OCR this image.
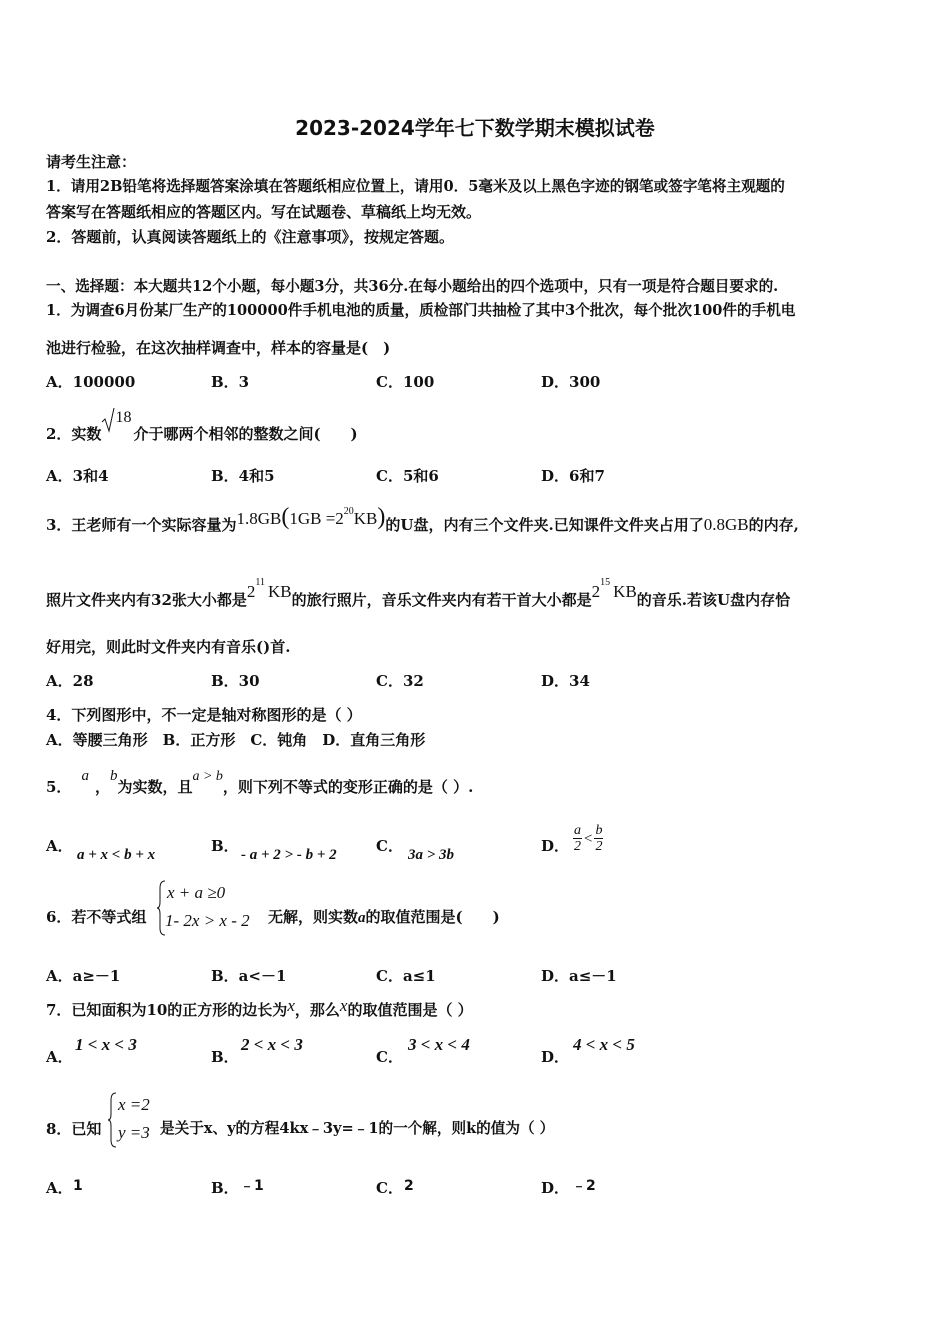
2023-2024学年七下数学期末模拟试卷
请考生注意：
1．请用2B铅笔将选择题答案涂填在答题纸相应位置上，请用0．5毫米及以上黑色字迹的钢笔或签字笔将主观题的
答案写在答题纸相应的答题区内。写在试题卷、草稿纸上均无效。
2．答题前，认真阅读答题纸上的《注意事项》，按规定答题。
一、选择题：本大题共12个小题，每小题3分，共36分.在每小题给出的四个选项中，只有一项是符合题目要求的.
1．为调查6月份某厂生产的100000件手机电池的质量，质检部门共抽检了其中3个批次，每个批次100件的手机电
池进行检验，在这次抽样调查中，样本的容量是(　)
A．100000	B．3	C．100	D．300
2．实数
18
介于哪两个相邻的整数之间(　　)
A．3和4	B．4和5	C．5和6	D．6和7
3．王老师有一个实际容量为$1.8GB(1GB =2^{20}KB)$的U盘，内有三个文件夹.已知课件文件夹占用了0.8GB的内存,
照片文件夹内有32张大小都是$2^{11}$ KB的旅行照片，音乐文件夹内有若干首大小都是$2^{15}$ KB的音乐.若该U盘内存恰
好用完，则此时文件夹内有音乐()首.
A．28	B．30	C．32	D．34
4．下列图形中，不一定是轴对称图形的是（ ）
A．等腰三角形　B．正方形　C．钝角　D．直角三角形
5．a，b为实数，且a > b，则下列不等式的变形正确的是（ ）.
A． a + x < b + x	B． - a + 2 > - b + 2	C． 3a > 3b	D． $\frac{a}{2} < \frac{b}{2}$
6．若不等式组
x + a ≥0
1- 2x > x - 2 无解，则实数a的取值范围是(　　)
A．a≥－1	B．a<－1	C．a≤1	D．a≤－1
7．已知面积为10的正方形的边长为x，那么x的取值范围是（ ）
A．
1 < x < 3
B．
2 < x < 3
C．
3 < x < 4
D．
4 < x < 5
8．已知
x =2
y =3 是关于x、y的方程4kx﹣3y=﹣1的一个解，则k的值为（ ）
A． 1	B． ﹣1	C． 2	D． ﹣2
